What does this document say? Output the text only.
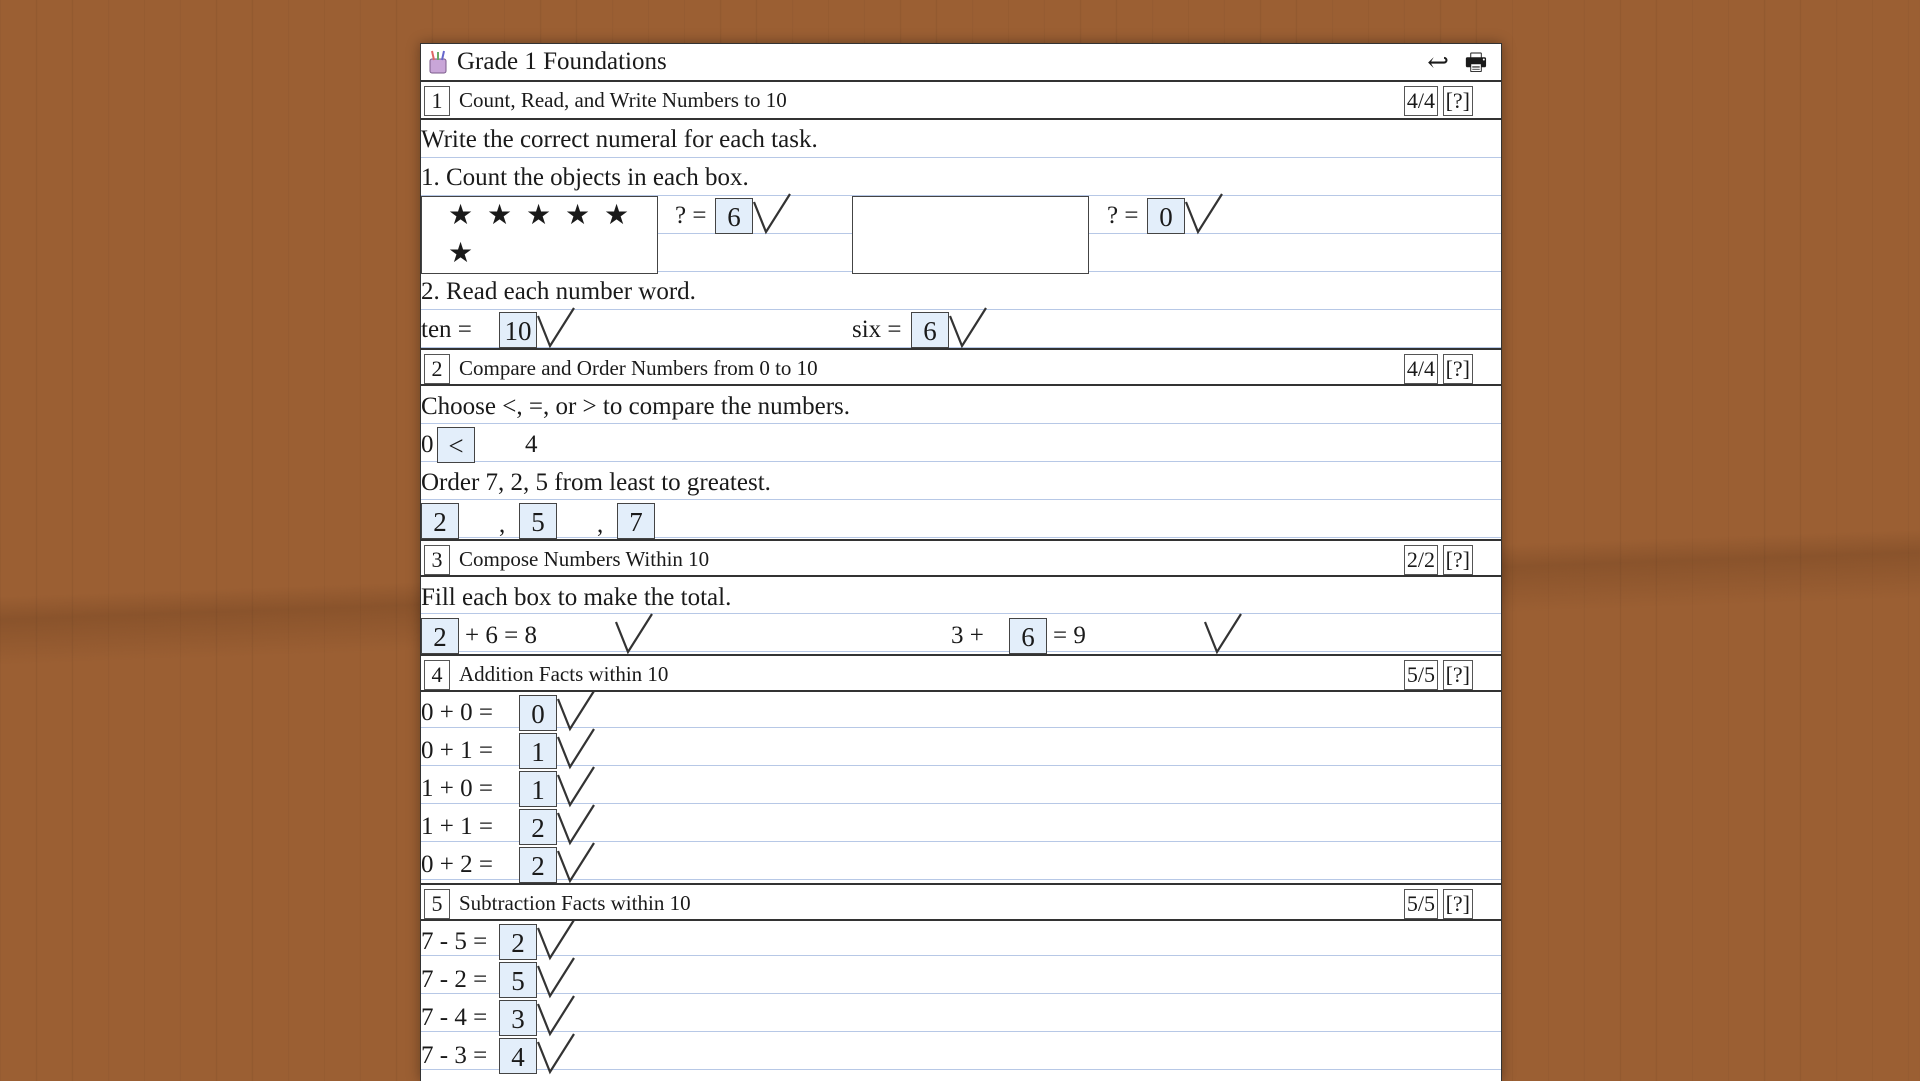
Grade 1 Foundations	↩ 🖶
1 Count, Read, and Write Numbers to 10	4/4 [?]
Write the correct numeral for each task.
1. Count the objects in each box.
★ ★ ★ ★ ★
★
? = 6	? = 0
2. Read each number word.
ten = 10	six = 6
2 Compare and Order Numbers from 0 to 10	4/4 [?]
Choose <, =, or > to compare the numbers.
0 <	4
Order 7, 2, 5 from least to greatest.
2	, 5	, 7
3 Compose Numbers Within 10	2/2 [?]
Fill each box to make the total.
2 + 6 = 8	3 +	6 = 9
4 Addition Facts within 10	5/5 [?]
0 + 0 =	0
0 + 1 =	1
1 + 0 =	1
1 + 1 =	2
0 + 2 =	2
5 Subtraction Facts within 10	5/5 [?]
7 - 5 = 2
7 - 2 = 5
7 - 4 = 3
7 - 3 = 4
